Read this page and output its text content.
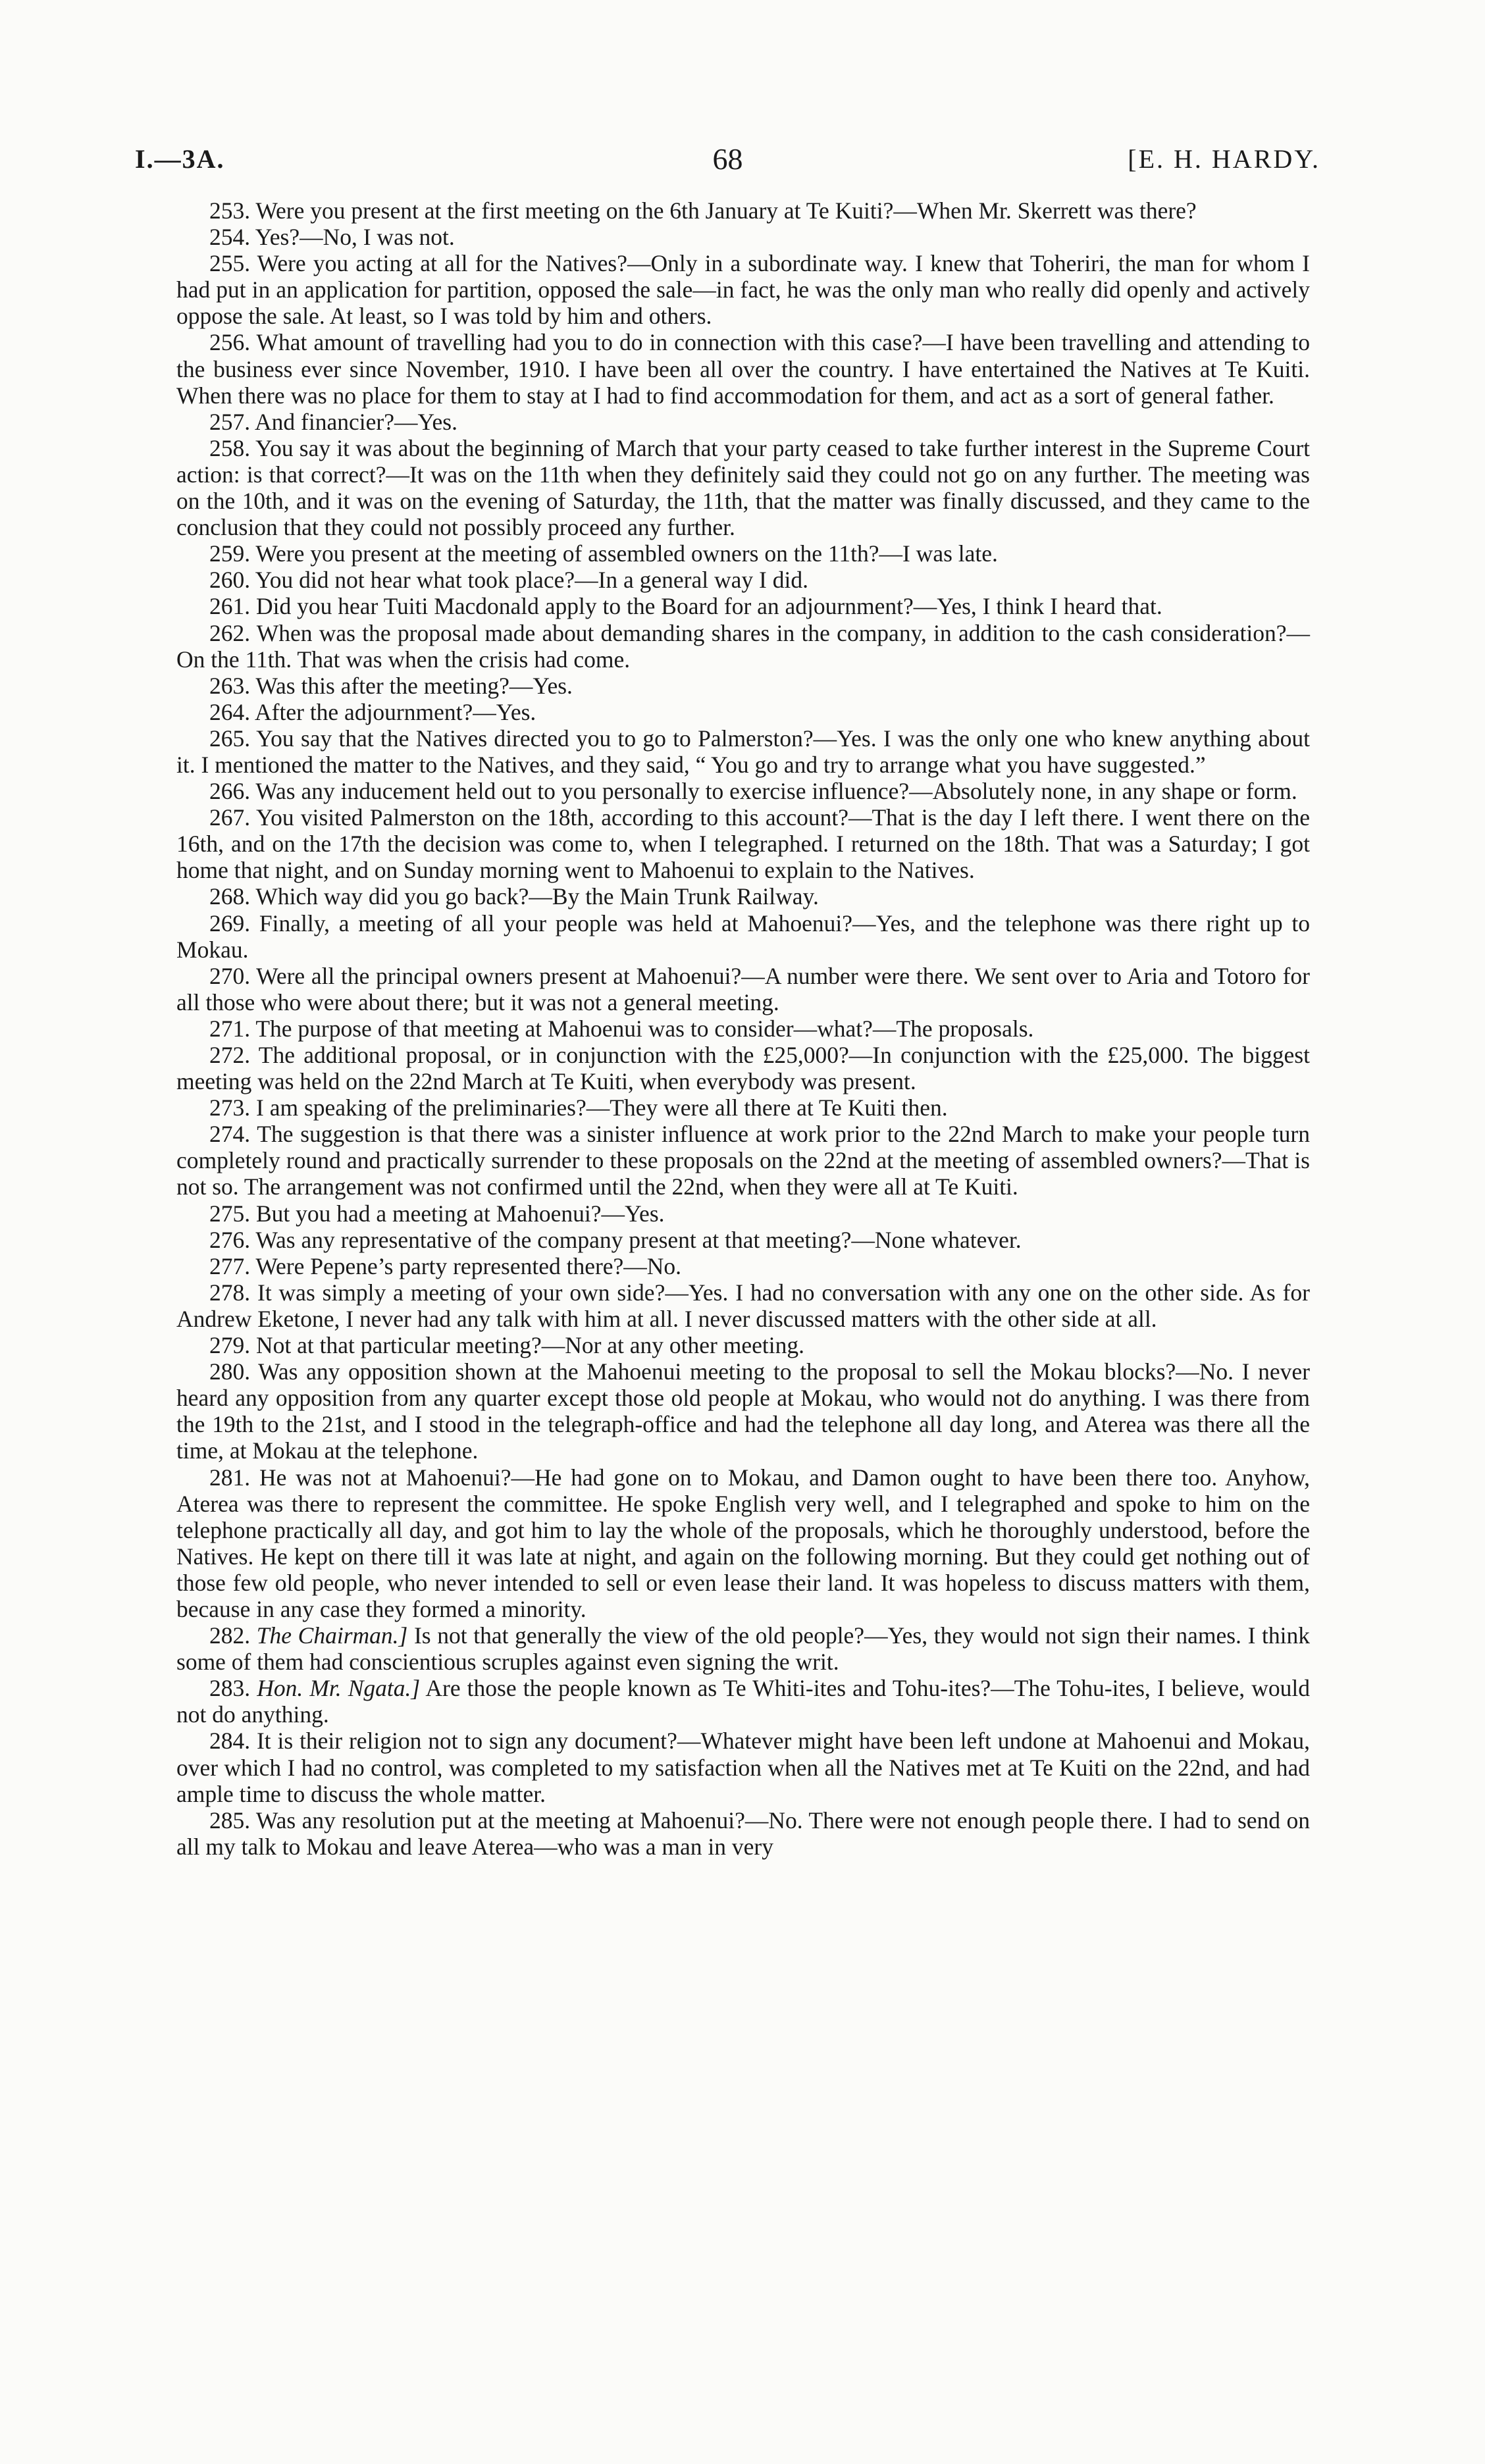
I.—3A.	68	[E. H. HARDY.

253. Were you present at the first meeting on the 6th January at Te Kuiti?—When Mr. Skerrett was there?

254. Yes?—No, I was not.

255. Were you acting at all for the Natives?—Only in a subordinate way. I knew that Toheriri, the man for whom I had put in an application for partition, opposed the sale—in fact, he was the only man who really did openly and actively oppose the sale. At least, so I was told by him and others.

256. What amount of travelling had you to do in connection with this case?—I have been travelling and attending to the business ever since November, 1910. I have been all over the country. I have entertained the Natives at Te Kuiti. When there was no place for them to stay at I had to find accommodation for them, and act as a sort of general father.

257. And financier?—Yes.

258. You say it was about the beginning of March that your party ceased to take further interest in the Supreme Court action: is that correct?—It was on the 11th when they definitely said they could not go on any further. The meeting was on the 10th, and it was on the evening of Saturday, the 11th, that the matter was finally discussed, and they came to the conclusion that they could not possibly proceed any further.

259. Were you present at the meeting of assembled owners on the 11th?—I was late.

260. You did not hear what took place?—In a general way I did.

261. Did you hear Tuiti Macdonald apply to the Board for an adjournment?—Yes, I think I heard that.

262. When was the proposal made about demanding shares in the company, in addition to the cash consideration?—On the 11th. That was when the crisis had come.

263. Was this after the meeting?—Yes.

264. After the adjournment?—Yes.

265. You say that the Natives directed you to go to Palmerston?—Yes. I was the only one who knew anything about it. I mentioned the matter to the Natives, and they said, “ You go and try to arrange what you have suggested.”

266. Was any inducement held out to you personally to exercise influence?—Absolutely none, in any shape or form.

267. You visited Palmerston on the 18th, according to this account?—That is the day I left there. I went there on the 16th, and on the 17th the decision was come to, when I telegraphed. I returned on the 18th. That was a Saturday; I got home that night, and on Sunday morning went to Mahoenui to explain to the Natives.

268. Which way did you go back?—By the Main Trunk Railway.

269. Finally, a meeting of all your people was held at Mahoenui?—Yes, and the telephone was there right up to Mokau.

270. Were all the principal owners present at Mahoenui?—A number were there. We sent over to Aria and Totoro for all those who were about there; but it was not a general meeting.

271. The purpose of that meeting at Mahoenui was to consider—what?—The proposals.

272. The additional proposal, or in conjunction with the £25,000?—In conjunction with the £25,000. The biggest meeting was held on the 22nd March at Te Kuiti, when everybody was present.

273. I am speaking of the preliminaries?—They were all there at Te Kuiti then.

274. The suggestion is that there was a sinister influence at work prior to the 22nd March to make your people turn completely round and practically surrender to these proposals on the 22nd at the meeting of assembled owners?—That is not so. The arrangement was not confirmed until the 22nd, when they were all at Te Kuiti.

275. But you had a meeting at Mahoenui?—Yes.

276. Was any representative of the company present at that meeting?—None whatever.

277. Were Pepene’s party represented there?—No.

278. It was simply a meeting of your own side?—Yes. I had no conversation with any one on the other side. As for Andrew Eketone, I never had any talk with him at all. I never discussed matters with the other side at all.

279. Not at that particular meeting?—Nor at any other meeting.

280. Was any opposition shown at the Mahoenui meeting to the proposal to sell the Mokau blocks?—No. I never heard any opposition from any quarter except those old people at Mokau, who would not do anything. I was there from the 19th to the 21st, and I stood in the telegraph-office and had the telephone all day long, and Aterea was there all the time, at Mokau at the telephone.

281. He was not at Mahoenui?—He had gone on to Mokau, and Damon ought to have been there too. Anyhow, Aterea was there to represent the committee. He spoke English very well, and I telegraphed and spoke to him on the telephone practically all day, and got him to lay the whole of the proposals, which he thoroughly understood, before the Natives. He kept on there till it was late at night, and again on the following morning. But they could get nothing out of those few old people, who never intended to sell or even lease their land. It was hopeless to discuss matters with them, because in any case they formed a minority.

282. The Chairman.] Is not that generally the view of the old people?—Yes, they would not sign their names. I think some of them had conscientious scruples against even signing the writ.

283. Hon. Mr. Ngata.] Are those the people known as Te Whiti-ites and Tohu-ites?—The Tohu-ites, I believe, would not do anything.

284. It is their religion not to sign any document?—Whatever might have been left undone at Mahoenui and Mokau, over which I had no control, was completed to my satisfaction when all the Natives met at Te Kuiti on the 22nd, and had ample time to discuss the whole matter.

285. Was any resolution put at the meeting at Mahoenui?—No. There were not enough people there. I had to send on all my talk to Mokau and leave Aterea—who was a man in very
